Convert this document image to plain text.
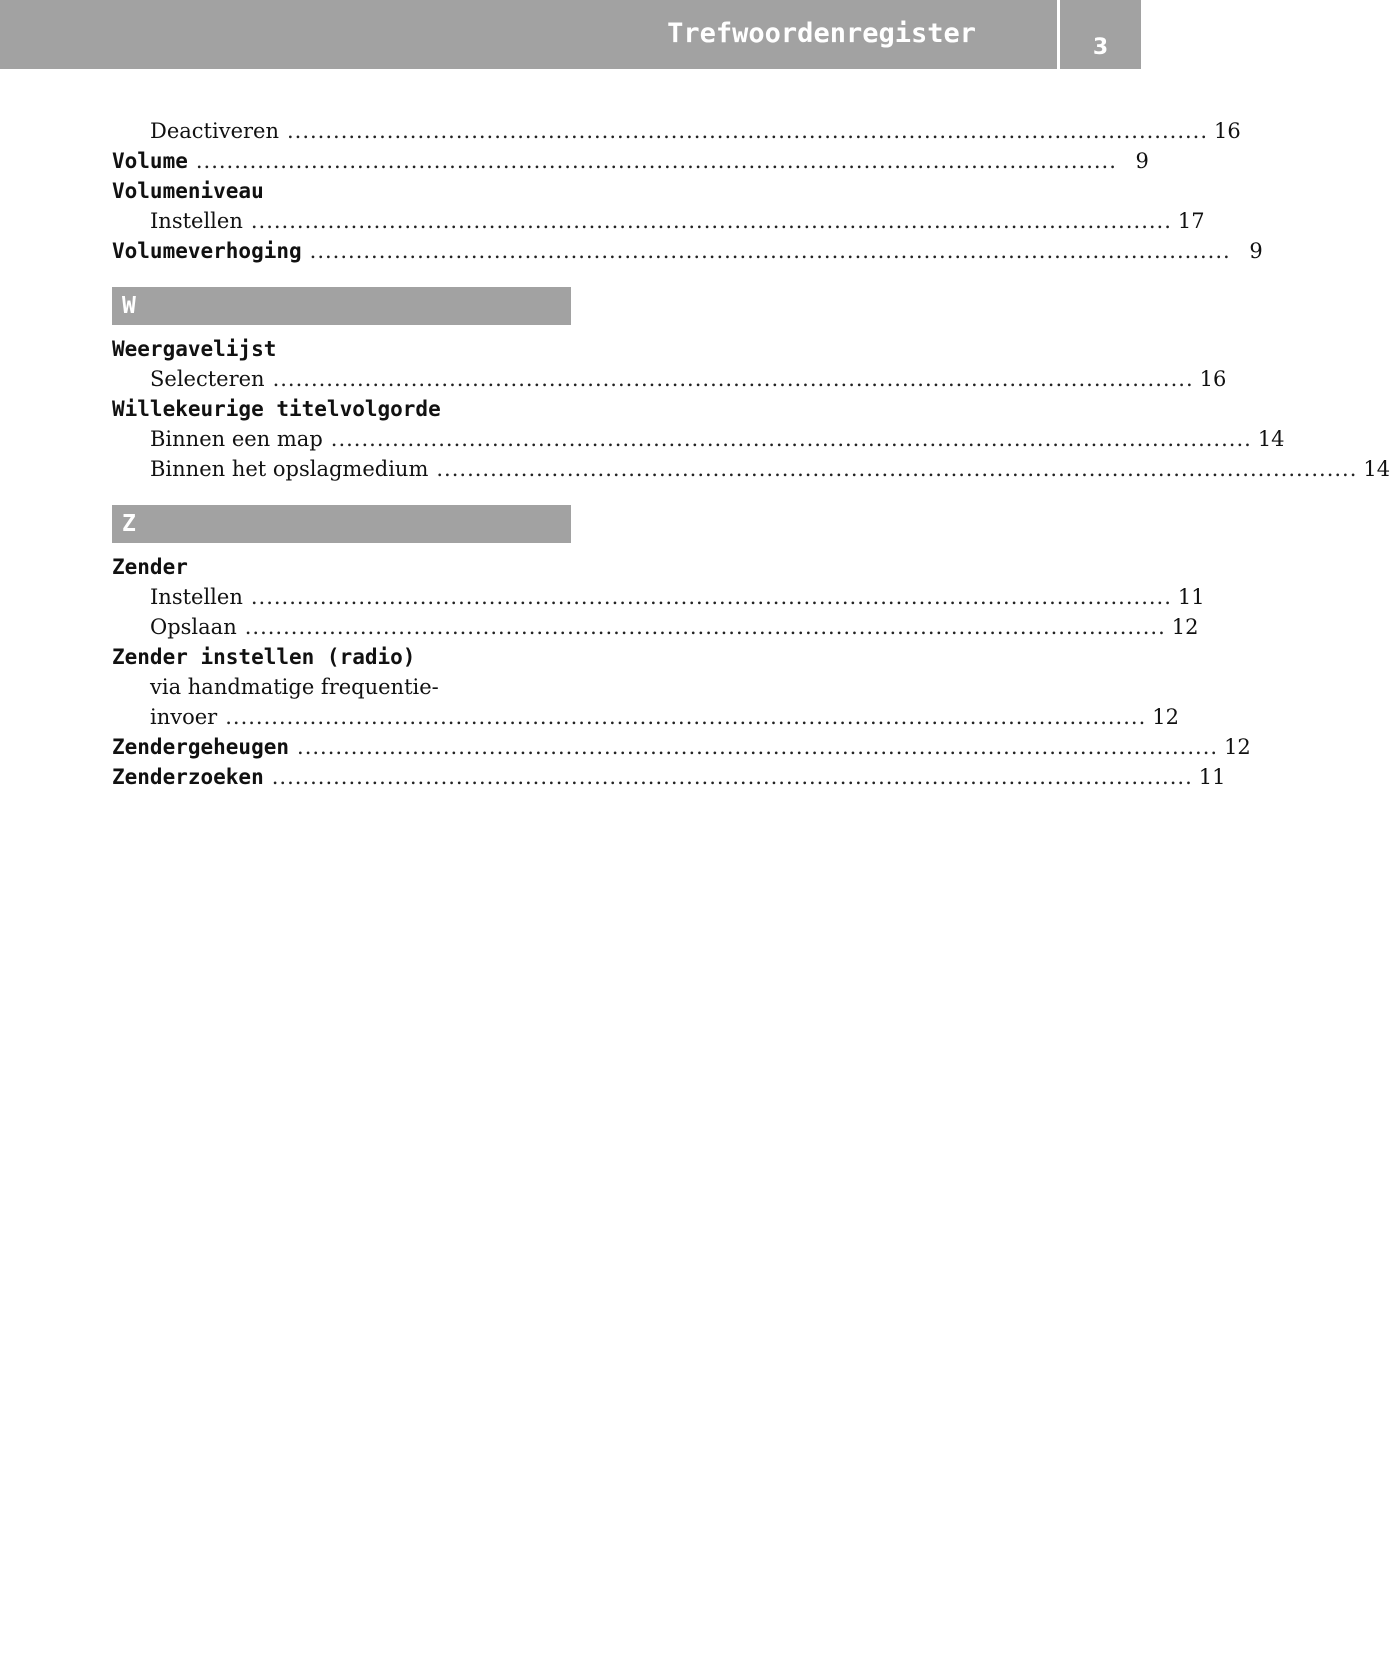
Trefwoordenregister	3
Deactiveren ........................................................................................................................ 16
Volume ........................................................................................................................ 9
Volumeniveau
Instellen ........................................................................................................................ 17
Volumeverhoging ........................................................................................................................ 9
W
Weergavelijst
Selecteren ........................................................................................................................ 16
Willekeurige titelvolgorde
Binnen een map ........................................................................................................................ 14
Binnen het opslagmedium ........................................................................................................................ 14
Z
Zender
Instellen ........................................................................................................................ 11
Opslaan ........................................................................................................................ 12
Zender instellen (radio)
via handmatige frequentie-
invoer ........................................................................................................................ 12
Zendergeheugen ........................................................................................................................ 12
Zenderzoeken ........................................................................................................................ 11
